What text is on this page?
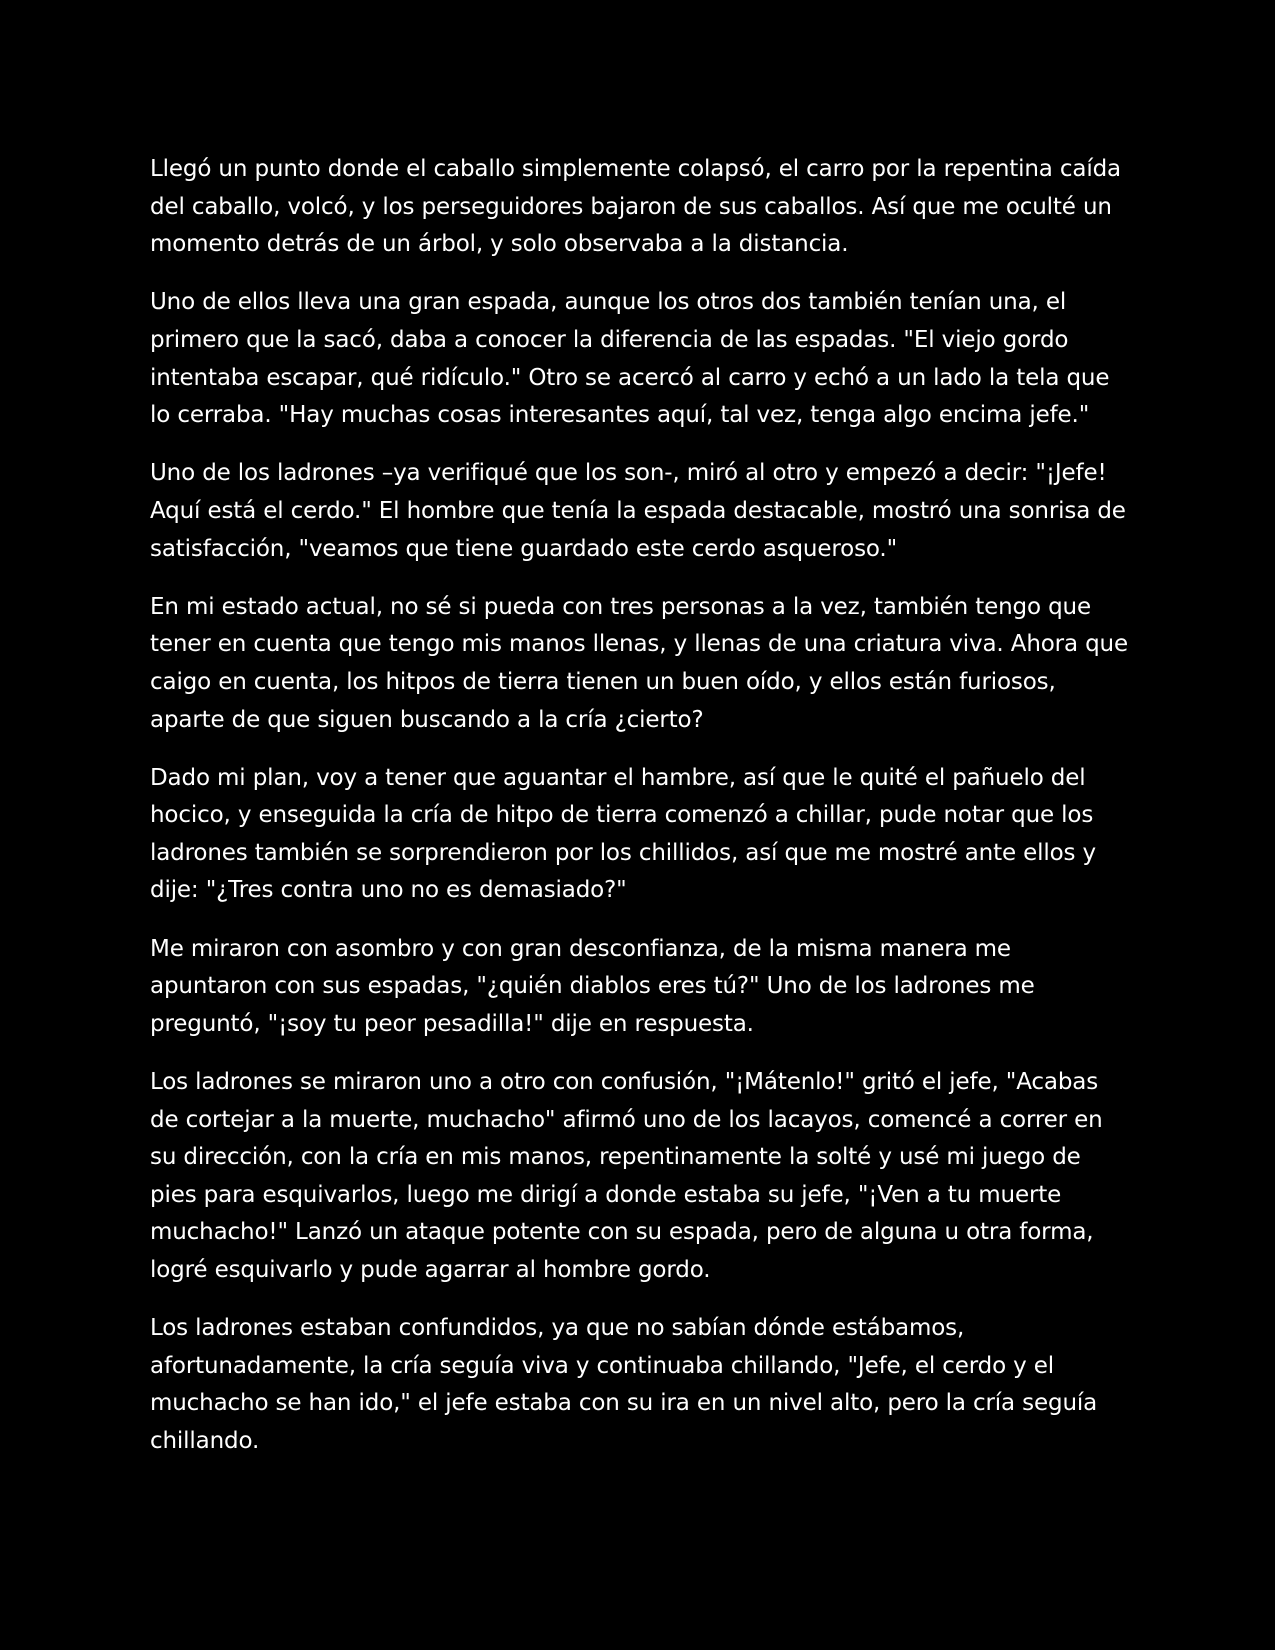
Llegó un punto donde el caballo simplemente colapsó, el carro por la repentina caída del caballo, volcó, y los perseguidores bajaron de sus caballos. Así que me oculté un momento detrás de un árbol, y solo observaba a la distancia.

Uno de ellos lleva una gran espada, aunque los otros dos también tenían una, el primero que la sacó, daba a conocer la diferencia de las espadas. "El viejo gordo intentaba escapar, qué ridículo." Otro se acercó al carro y echó a un lado la tela que lo cerraba. "Hay muchas cosas interesantes aquí, tal vez, tenga algo encima jefe."

Uno de los ladrones –ya verifiqué que los son-, miró al otro y empezó a decir: "¡Jefe! Aquí está el cerdo." El hombre que tenía la espada destacable, mostró una sonrisa de satisfacción, "veamos que tiene guardado este cerdo asqueroso."

En mi estado actual, no sé si pueda con tres personas a la vez, también tengo que tener en cuenta que tengo mis manos llenas, y llenas de una criatura viva. Ahora que caigo en cuenta, los hitpos de tierra tienen un buen oído, y ellos están furiosos, aparte de que siguen buscando a la cría ¿cierto?

Dado mi plan, voy a tener que aguantar el hambre, así que le quité el pañuelo del hocico, y enseguida la cría de hitpo de tierra comenzó a chillar, pude notar que los ladrones también se sorprendieron por los chillidos, así que me mostré ante ellos y dije: "¿Tres contra uno no es demasiado?"

Me miraron con asombro y con gran desconfianza, de la misma manera me apuntaron con sus espadas, "¿quién diablos eres tú?" Uno de los ladrones me preguntó, "¡soy tu peor pesadilla!" dije en respuesta.

Los ladrones se miraron uno a otro con confusión, "¡Mátenlo!" gritó el jefe, "Acabas de cortejar a la muerte, muchacho" afirmó uno de los lacayos, comencé a correr en su dirección, con la cría en mis manos, repentinamente la solté y usé mi juego de pies para esquivarlos, luego me dirigí a donde estaba su jefe, "¡Ven a tu muerte muchacho!" Lanzó un ataque potente con su espada, pero de alguna u otra forma, logré esquivarlo y pude agarrar al hombre gordo.

Los ladrones estaban confundidos, ya que no sabían dónde estábamos, afortunadamente, la cría seguía viva y continuaba chillando, "Jefe, el cerdo y el muchacho se han ido," el jefe estaba con su ira en un nivel alto, pero la cría seguía chillando.
